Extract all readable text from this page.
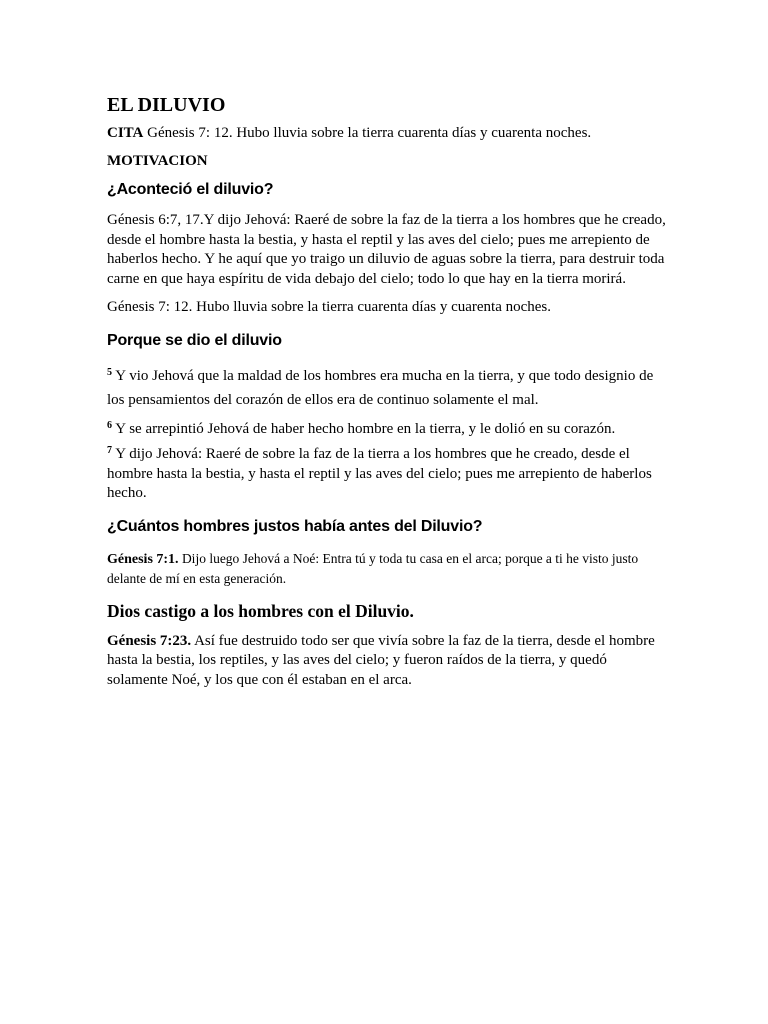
EL DILUVIO

CITA Génesis 7: 12. Hubo lluvia sobre la tierra cuarenta días y cuarenta noches.

MOTIVACION

¿Aconteció el diluvio?

Génesis 6:7, 17.Y dijo Jehová: Raeré de sobre la faz de la tierra a los hombres que he creado, desde el hombre hasta la bestia, y hasta el reptil y las aves del cielo; pues me arrepiento de haberlos hecho. Y he aquí que yo traigo un diluvio de aguas sobre la tierra, para destruir toda carne en que haya espíritu de vida debajo del cielo; todo lo que hay en la tierra morirá.

Génesis 7: 12. Hubo lluvia sobre la tierra cuarenta días y cuarenta noches.

Porque se dio el diluvio

$^5$ Y vio Jehová que la maldad de los hombres era mucha en la tierra, y que todo designio de los pensamientos del corazón de ellos era de continuo solamente el mal.

$^6$ Y se arrepintió Jehová de haber hecho hombre en la tierra, y le dolió en su corazón.

$^7$ Y dijo Jehová: Raeré de sobre la faz de la tierra a los hombres que he creado, desde el hombre hasta la bestia, y hasta el reptil y las aves del cielo; pues me arrepiento de haberlos hecho.

¿Cuántos hombres justos había antes del Diluvio?

Génesis 7:1. Dijo luego Jehová a Noé: Entra tú y toda tu casa en el arca; porque a ti he visto justo delante de mí en esta generación.

Dios castigo a los hombres con el Diluvio.

Génesis 7:23. Así fue destruido todo ser que vivía sobre la faz de la tierra, desde el hombre hasta la bestia, los reptiles, y las aves del cielo; y fueron raídos de la tierra, y quedó solamente Noé, y los que con él estaban en el arca.
